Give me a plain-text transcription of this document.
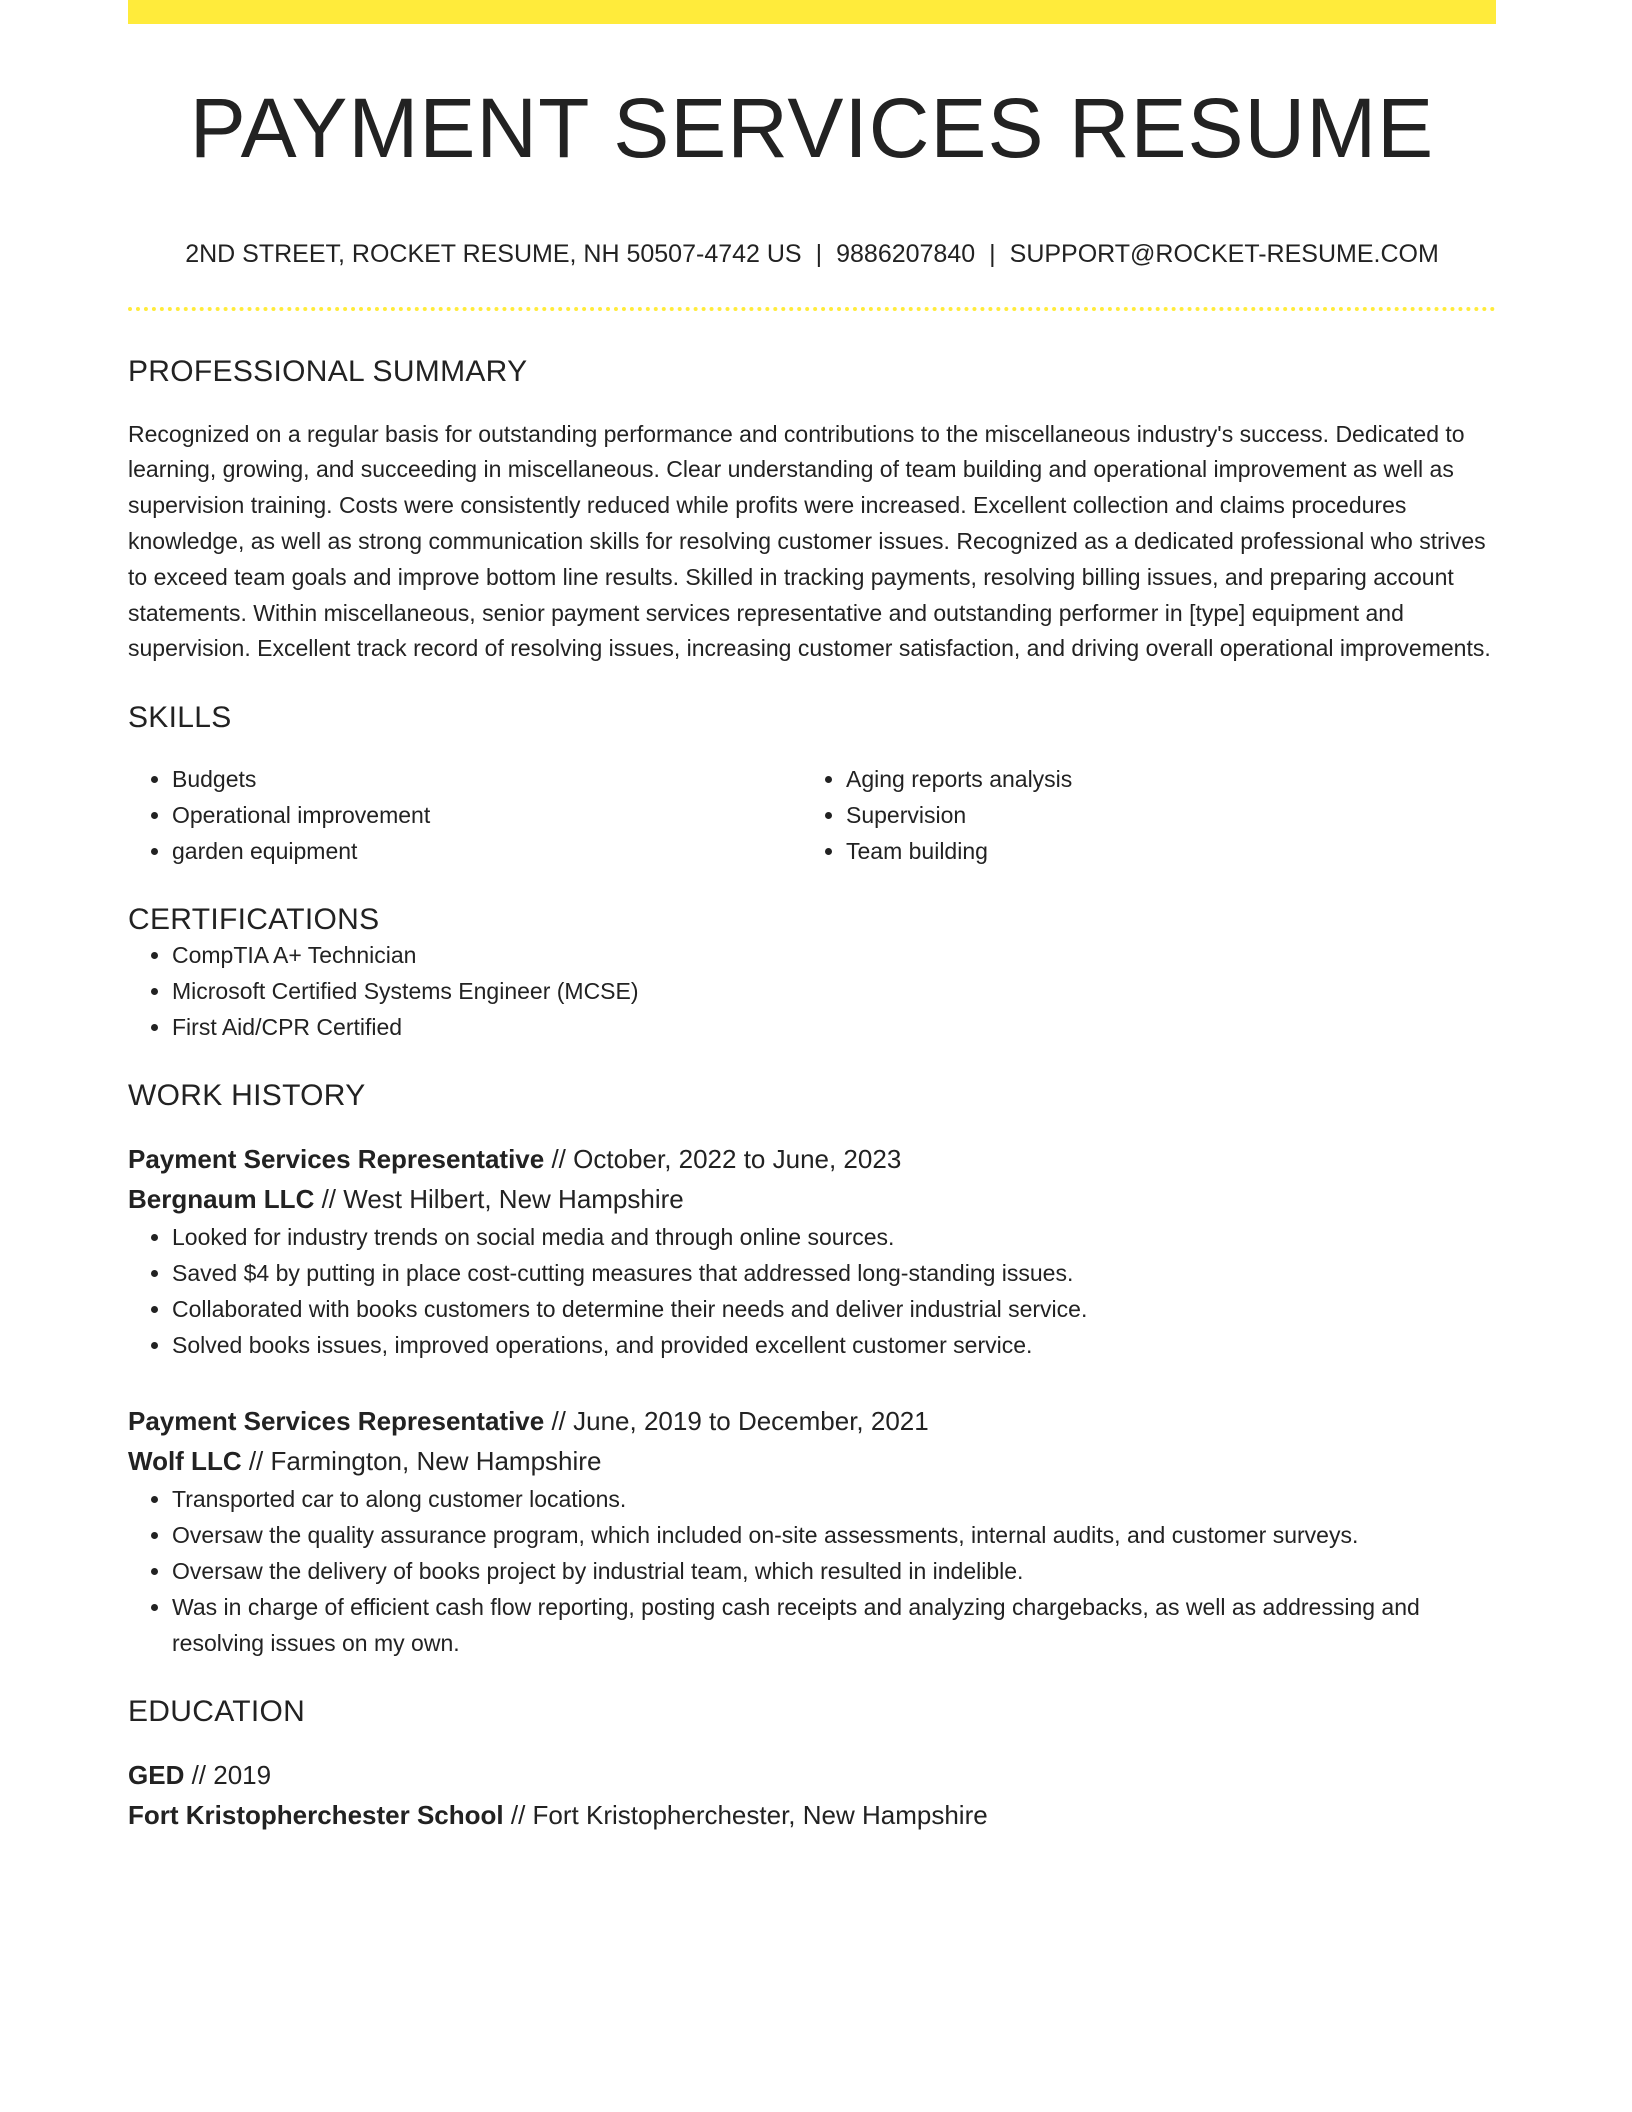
PAYMENT SERVICES RESUME
2ND STREET, ROCKET RESUME, NH 50507-4742 US | 9886207840 | SUPPORT@ROCKET-RESUME.COM
PROFESSIONAL SUMMARY

Recognized on a regular basis for outstanding performance and contributions to the miscellaneous industry's success. Dedicated to learning, growing, and succeeding in miscellaneous. Clear understanding of team building and operational improvement as well as supervision training. Costs were consistently reduced while profits were increased. Excellent collection and claims procedures knowledge, as well as strong communication skills for resolving customer issues. Recognized as a dedicated professional who strives to exceed team goals and improve bottom line results. Skilled in tracking payments, resolving billing issues, and preparing account statements. Within miscellaneous, senior payment services representative and outstanding performer in [type] equipment and supervision. Excellent track record of resolving issues, increasing customer satisfaction, and driving overall operational improvements.

SKILLS
• Budgets
• Operational improvement
• garden equipment
• Aging reports analysis
• Supervision
• Team building
CERTIFICATIONS
• CompTIA A+ Technician
• Microsoft Certified Systems Engineer (MCSE)
• First Aid/CPR Certified
WORK HISTORY
Payment Services Representative // October, 2022 to June, 2023
Bergnaum LLC // West Hilbert, New Hampshire
• Looked for industry trends on social media and through online sources.
• Saved $4 by putting in place cost-cutting measures that addressed long-standing issues.
• Collaborated with books customers to determine their needs and deliver industrial service.
• Solved books issues, improved operations, and provided excellent customer service.
Payment Services Representative // June, 2019 to December, 2021
Wolf LLC // Farmington, New Hampshire
• Transported car to along customer locations.
• Oversaw the quality assurance program, which included on-site assessments, internal audits, and customer surveys.
• Oversaw the delivery of books project by industrial team, which resulted in indelible.
• Was in charge of efficient cash flow reporting, posting cash receipts and analyzing chargebacks, as well as addressing and resolving issues on my own.
EDUCATION
GED // 2019
Fort Kristopherchester School // Fort Kristopherchester, New Hampshire
